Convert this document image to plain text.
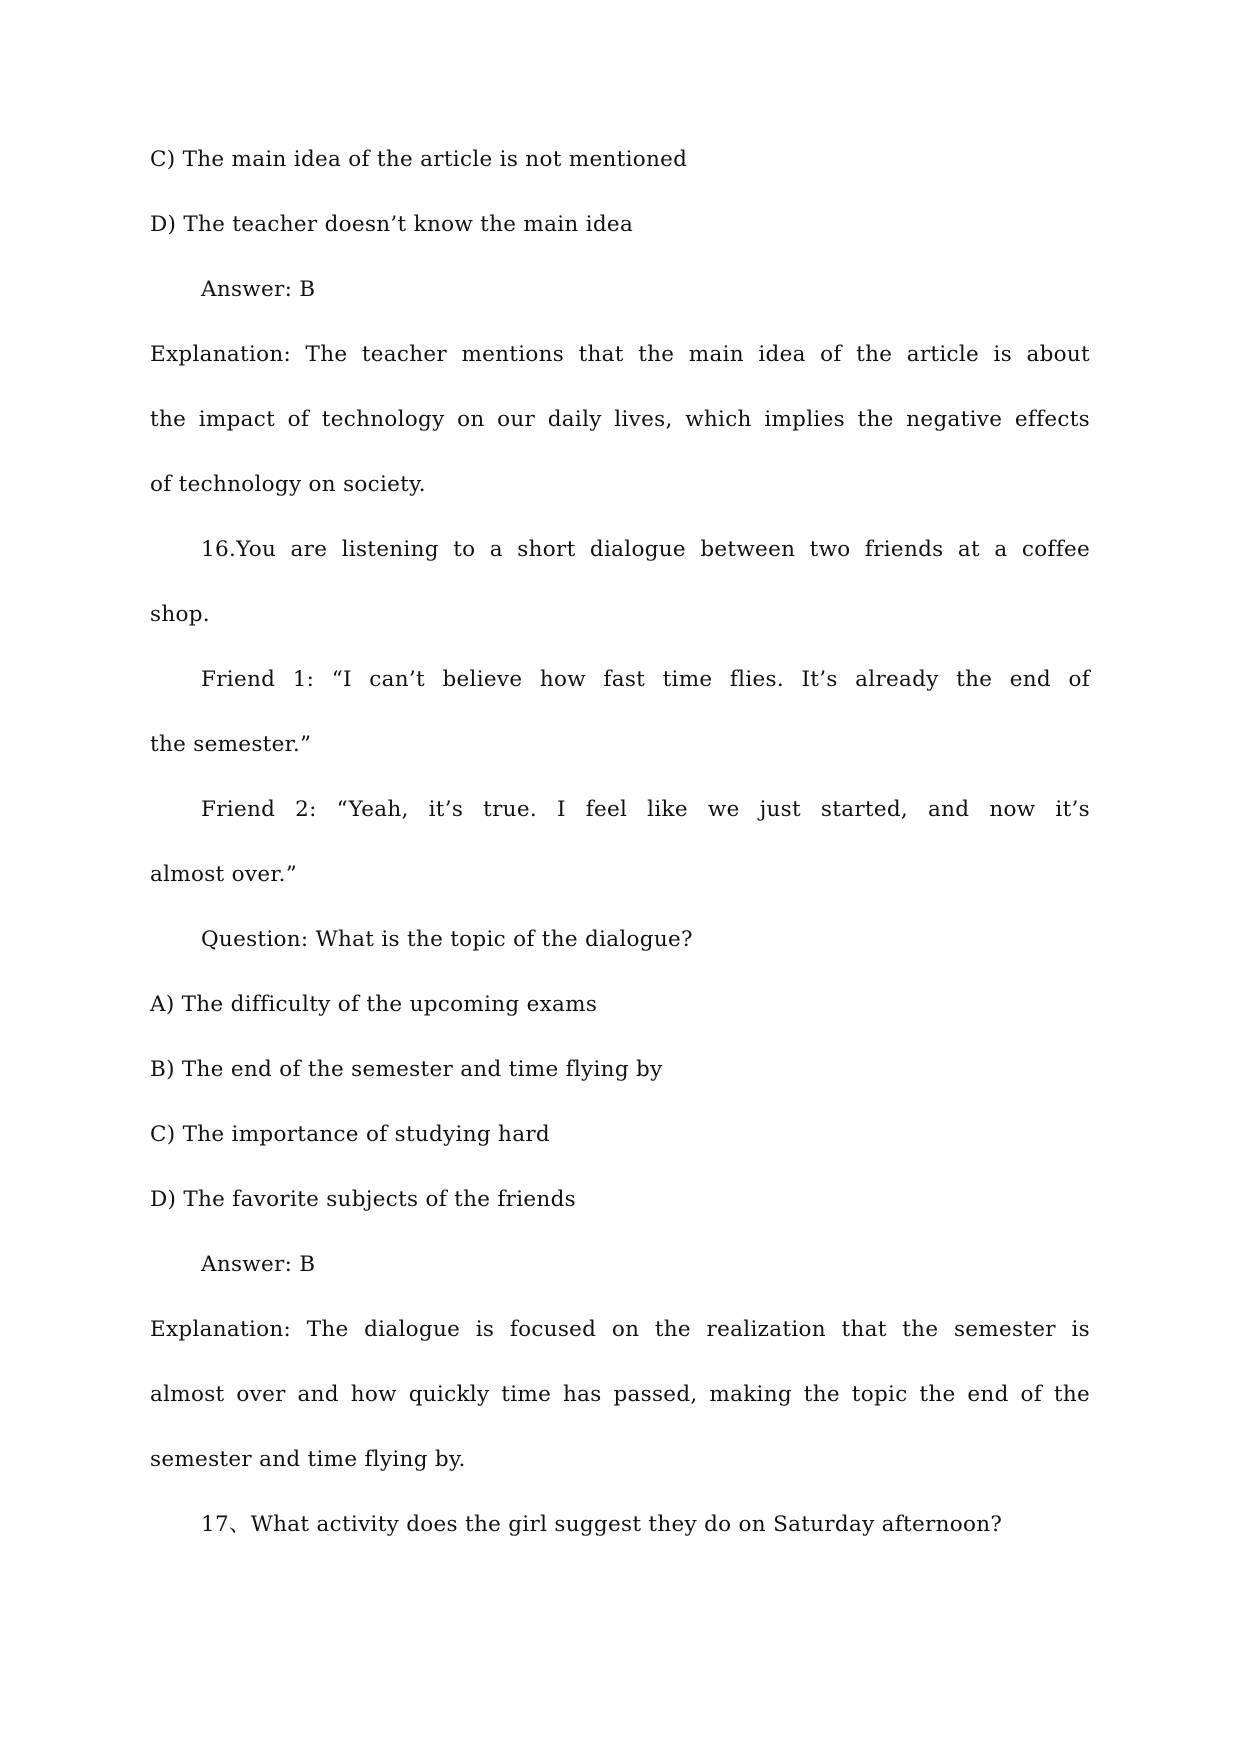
C) The main idea of the article is not mentioned
D) The teacher doesn’t know the main idea
Answer: B
Explanation: The teacher mentions that the main idea of the article is about
the impact of technology on our daily lives, which implies the negative effects
of technology on society.
16.You are listening to a short dialogue between two friends at a coffee
shop.
Friend 1: “I can’t believe how fast time flies. It’s already the end of
the semester.”
Friend 2: “Yeah, it’s true. I feel like we just started, and now it’s
almost over.”
Question: What is the topic of the dialogue?
A) The difficulty of the upcoming exams
B) The end of the semester and time flying by
C) The importance of studying hard
D) The favorite subjects of the friends
Answer: B
Explanation: The dialogue is focused on the realization that the semester is
almost over and how quickly time has passed, making the topic the end of the
semester and time flying by.
17、What activity does the girl suggest they do on Saturday afternoon?
